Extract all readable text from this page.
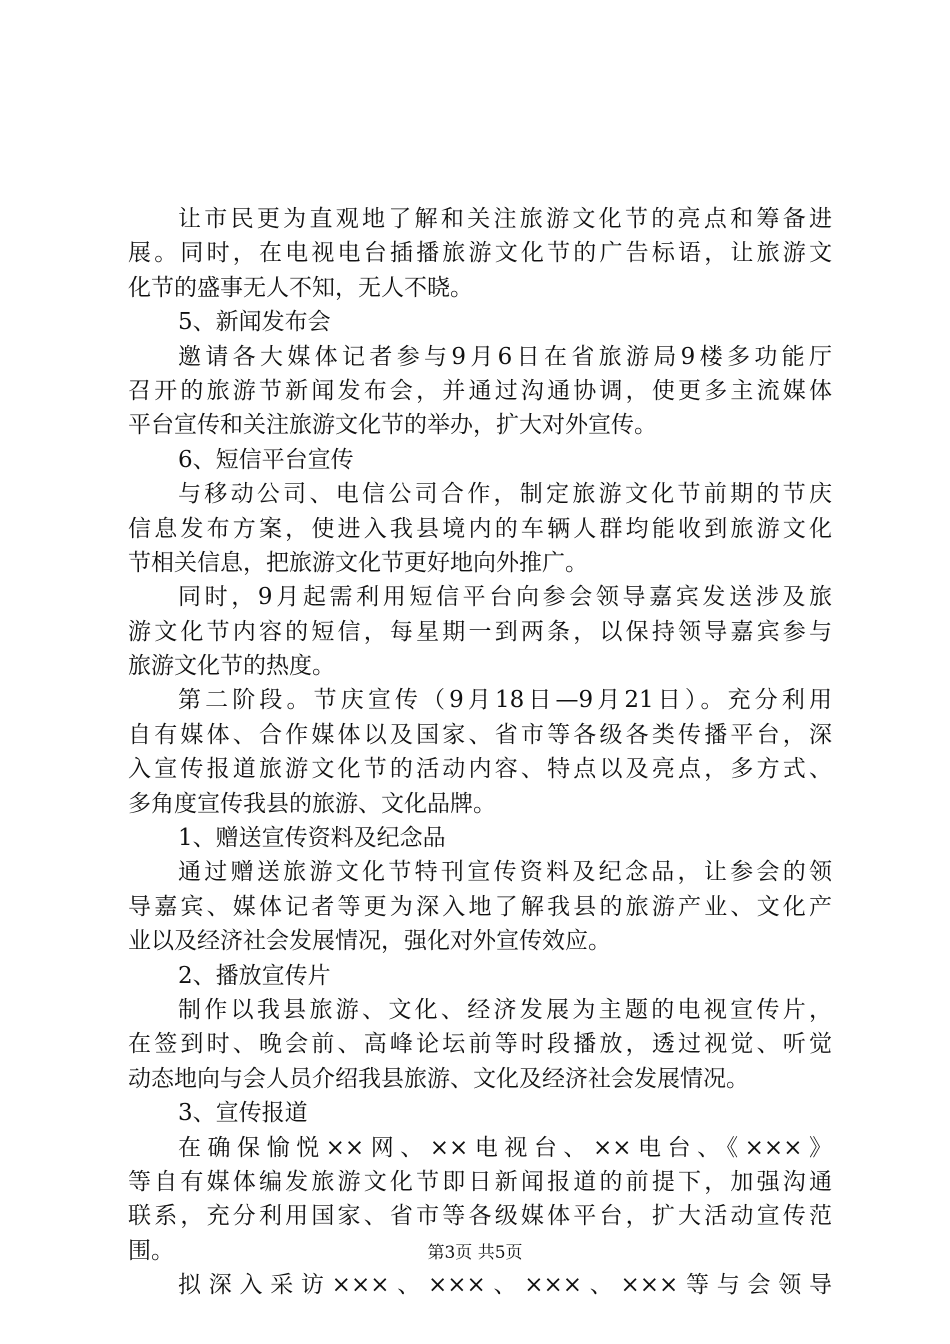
让市民更为直观地了解和关注旅游文化节的亮点和筹备进
展。同时，在电视电台插播旅游文化节的广告标语，让旅游文
化节的盛事无人不知，无人不晓。
5、新闻发布会
邀请各大媒体记者参与9月6日在省旅游局9楼多功能厅
召开的旅游节新闻发布会，并通过沟通协调，使更多主流媒体
平台宣传和关注旅游文化节的举办，扩大对外宣传。
6、短信平台宣传
与移动公司、电信公司合作，制定旅游文化节前期的节庆
信息发布方案，使进入我县境内的车辆人群均能收到旅游文化
节相关信息，把旅游文化节更好地向外推广。
同时，9月起需利用短信平台向参会领导嘉宾发送涉及旅
游文化节内容的短信，每星期一到两条，以保持领导嘉宾参与
旅游文化节的热度。
第二阶段。节庆宣传（9月18日—9月21日）。充分利用
自有媒体、合作媒体以及国家、省市等各级各类传播平台，深
入宣传报道旅游文化节的活动内容、特点以及亮点，多方式、
多角度宣传我县的旅游、文化品牌。
1、赠送宣传资料及纪念品
通过赠送旅游文化节特刊宣传资料及纪念品，让参会的领
导嘉宾、媒体记者等更为深入地了解我县的旅游产业、文化产
业以及经济社会发展情况，强化对外宣传效应。
2、播放宣传片
制作以我县旅游、文化、经济发展为主题的电视宣传片，
在签到时、晚会前、高峰论坛前等时段播放，透过视觉、听觉
动态地向与会人员介绍我县旅游、文化及经济社会发展情况。
3、宣传报道
在确保愉悦××网、××电视台、××电台、《×××》
等自有媒体编发旅游文化节即日新闻报道的前提下，加强沟通
联系，充分利用国家、省市等各级媒体平台，扩大活动宣传范
围。
拟深入采访×××、×××、×××、×××等与会领导
第3页 共5页
